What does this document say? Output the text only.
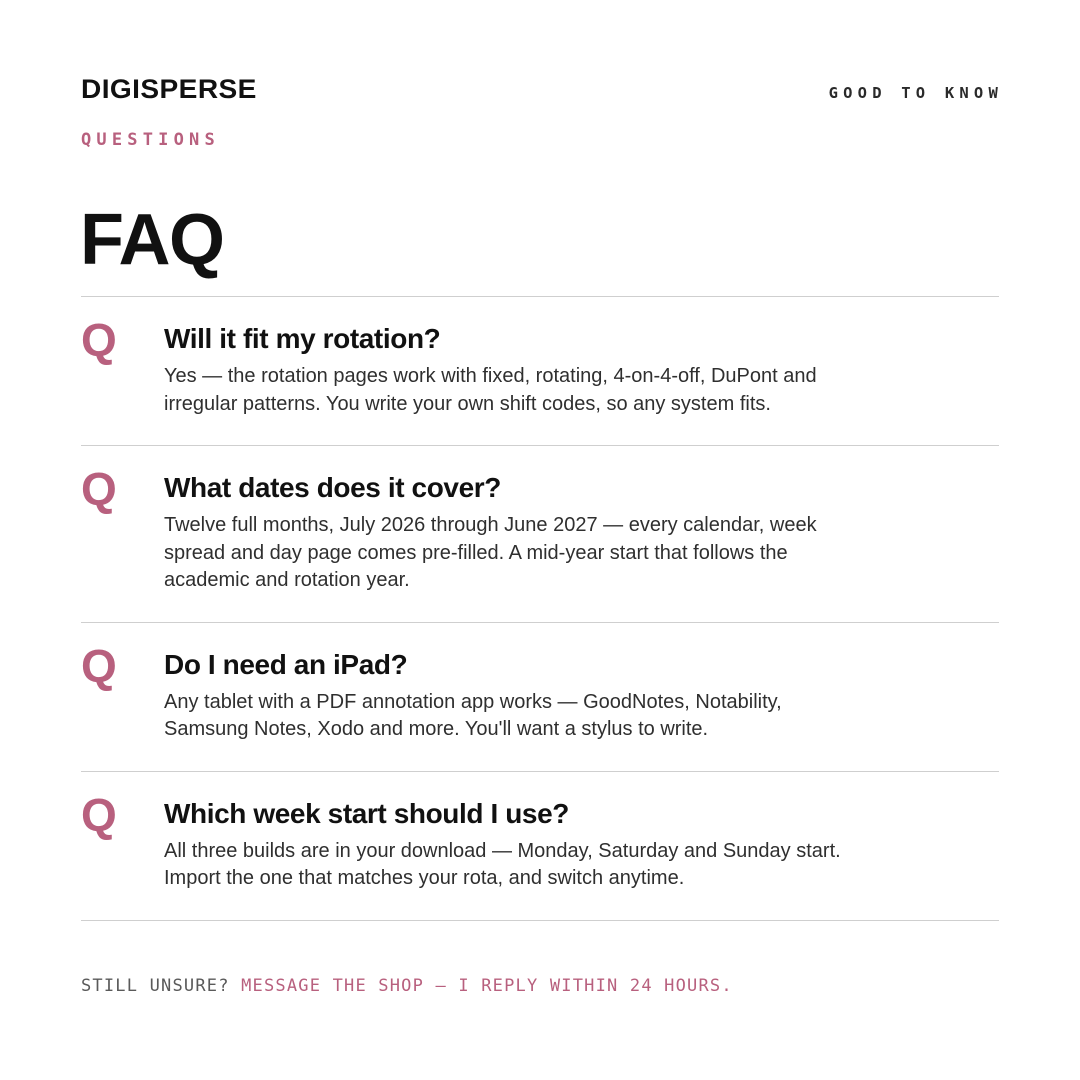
DIGISPERSE	GOOD TO KNOW
QUESTIONS
FAQ
Q Will it fit my rotation?

Yes — the rotation pages work with fixed, rotating, 4-on-4-off, DuPont and irregular patterns. You write your own shift codes, so any system fits.

Q What dates does it cover?

Twelve full months, July 2026 through June 2027 — every calendar, week spread and day page comes pre-filled. A mid-year start that follows the academic and rotation year.

Q Do I need an iPad?

Any tablet with a PDF annotation app works — GoodNotes, Notability, Samsung Notes, Xodo and more. You'll want a stylus to write.

Q Which week start should I use?

All three builds are in your download — Monday, Saturday and Sunday start. Import the one that matches your rota, and switch anytime.

STILL UNSURE? MESSAGE THE SHOP — I REPLY WITHIN 24 HOURS.
